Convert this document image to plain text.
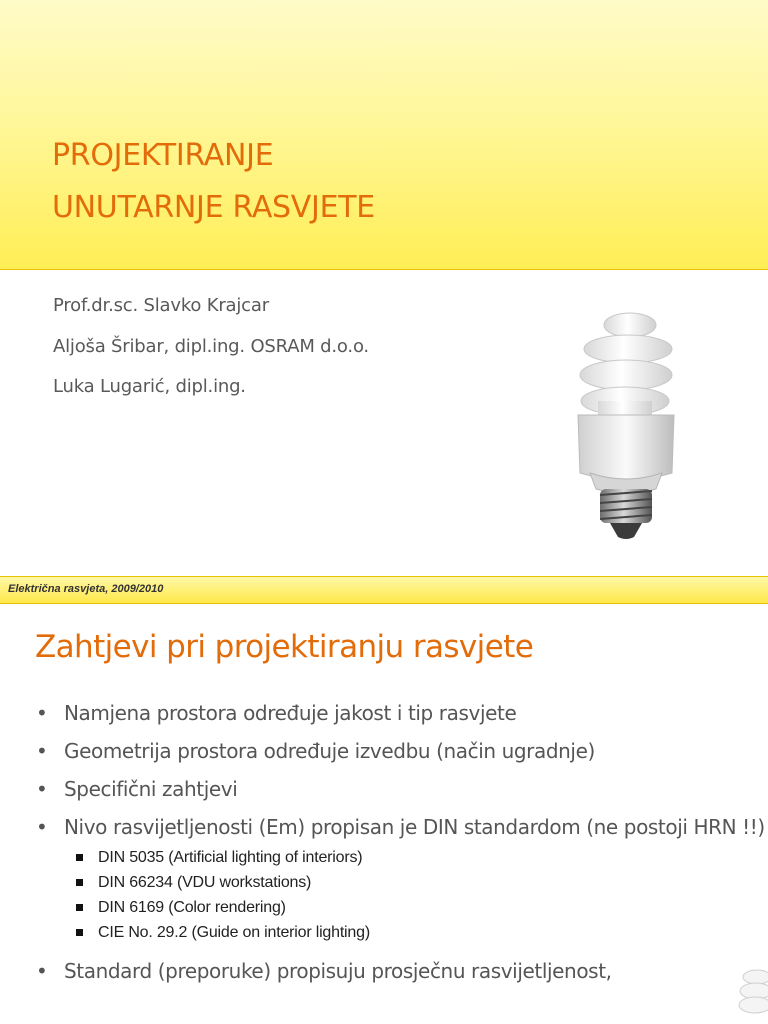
PROJEKTIRANJE
UNUTARNJE RASVJETE
Prof.dr.sc. Slavko Krajcar
Aljoša Šribar, dipl.ing. OSRAM d.o.o.
Luka Lugarić, dipl.ing.
Električna rasvjeta, 2009/2010
Zahtjevi pri projektiranju rasvjete
• Namjena prostora određuje jakost i tip rasvjete
• Geometrija prostora određuje izvedbu (način ugradnje)
• Specifični zahtjevi
• Nivo rasvijetljenosti (Em) propisan je DIN standardom (ne postoji HRN !!)
DIN 5035 (Artificial lighting of interiors)
DIN 66234 (VDU workstations)
DIN 6169 (Color rendering)
CIE No. 29.2 (Guide on interior lighting)
• Standard (preporuke) propisuju prosječnu rasvijetljenost,
